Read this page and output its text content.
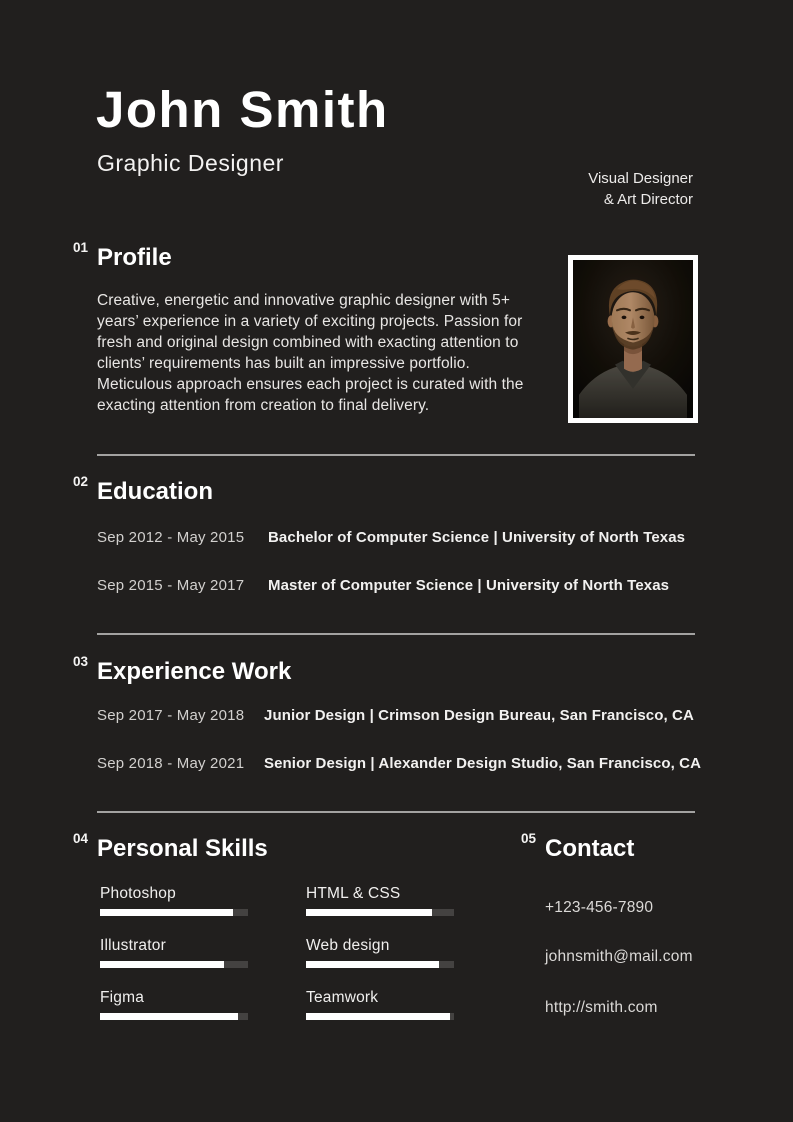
John Smith
Graphic Designer
Visual Designer
& Art Director
01 Profile
Creative, energetic and innovative graphic designer with 5+ years’ experience in a variety of exciting projects. Passion for fresh and original design combined with exacting attention to clients’ requirements has built an impressive portfolio. Meticulous approach ensures each project is curated with the exacting attention from creation to final delivery.
02 Education
Sep 2012 - May 2015 Bachelor of Computer Science | University of North Texas
Sep 2015 - May 2017 Master of Computer Science | University of North Texas
03 Experience Work
Sep 2017 - May 2018 Junior Design | Crimson Design Bureau, San Francisco, CA
Sep 2018 - May 2021 Senior Design | Alexander Design Studio, San Francisco, CA
04 Personal Skills
Photoshop
Illustrator
Figma
HTML & CSS
Web design
Teamwork
05 Contact
+123-456-7890
johnsmith@mail.com
http://smith.com
